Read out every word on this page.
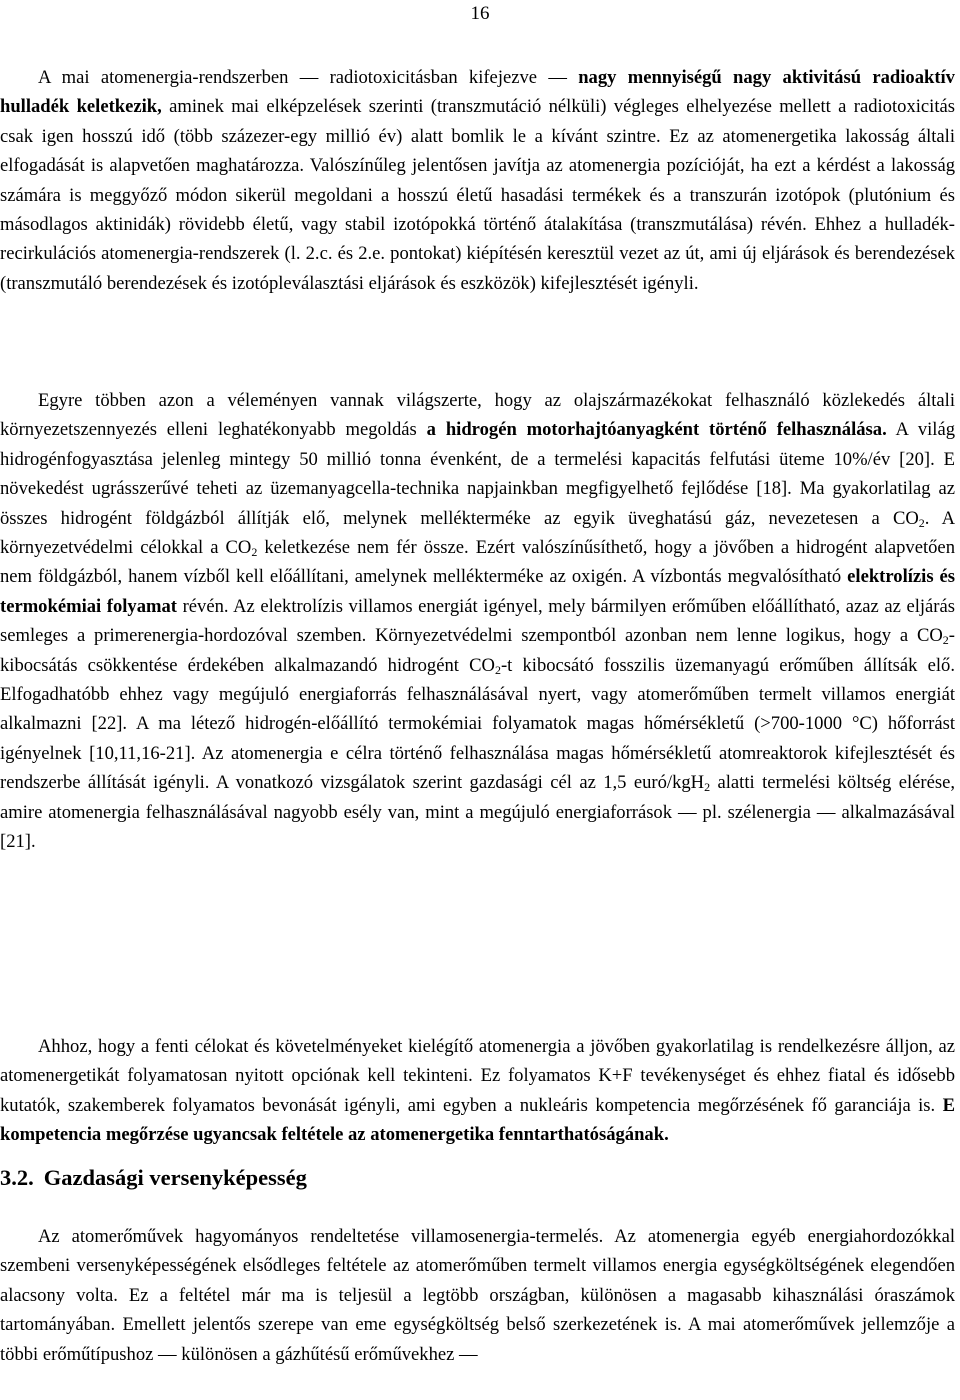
16

A mai atomenergia-rendszerben — radiotoxicitásban kifejezve — nagy mennyiségű nagy aktivitású radioaktív hulladék keletkezik, aminek mai elképzelések szerinti (transzmutáció nélküli) végleges elhelyezése mellett a radiotoxicitás csak igen hosszú idő (több százezer-egy millió év) alatt bomlik le a kívánt szintre. Ez az atomenergetika lakosság általi elfogadását is alapvetően maghatározza. Valószínűleg jelentősen javítja az atomenergia pozícióját, ha ezt a kérdést a lakosság számára is meggyőző módon sikerül megoldani a hosszú életű hasadási termékek és a transzurán izotópok (plutónium és másodlagos aktinidák) rövidebb életű, vagy stabil izotópokká történő átalakítása (transzmutálása) révén. Ehhez a hulladék-recirkulációs atomenergia-rendszerek (l. 2.c. és 2.e. pontokat) kiépítésén keresztül vezet az út, ami új eljárások és berendezések (transzmutáló berendezések és izotópleválasztási eljárások és eszközök) kifejlesztését igényli.

Egyre többen azon a véleményen vannak világszerte, hogy az olajszármazékokat felhasználó közlekedés általi környezetszennyezés elleni leghatékonyabb megoldás a hidrogén motorhajtóanyagként történő felhasználása. A világ hidrogénfogyasztása jelenleg mintegy 50 millió tonna évenként, de a termelési kapacitás felfutási üteme 10%/év [20]. E növekedést ugrásszerűvé teheti az üzemanyagcella-technika napjainkban megfigyelhető fejlődése [18]. Ma gyakorlatilag az összes hidrogént földgázból állítják elő, melynek mellékterméke az egyik üveghatású gáz, nevezetesen a $CO_2$. A környezetvédelmi célokkal a $CO_2$ keletkezése nem fér össze. Ezért valószínűsíthető, hogy a jövőben a hidrogént alapvetően nem földgázból, hanem vízből kell előállítani, amelynek mellékterméke az oxigén. A vízbontás megvalósítható elektrolízis és termokémiai folyamat révén. Az elektrolízis villamos energiát igényel, mely bármilyen erőműben előállítható, azaz az eljárás semleges a primerenergia-hordozóval szemben. Környezetvédelmi szempontból azonban nem lenne logikus, hogy a $CO_2$-kibocsátás csökkentése érdekében alkalmazandó hidrogént $CO_2-t$ kibocsátó fosszilis üzemanyagú erőműben állítsák elő. Elfogadhatóbb ehhez vagy megújuló energiaforrás felhasználásával nyert, vagy atomerőműben termelt villamos energiát alkalmazni [22]. A ma létező hidrogén-előállító termokémiai folyamatok magas hőmérsékletű (>700-1000 °C) hőforrást igényelnek [10,11,16-21]. Az atomenergia e célra történő felhasználása magas hőmérsékletű atomreaktorok kifejlesztését és rendszerbe állítását igényli. A vonatkozó vizsgálatok szerint gazdasági cél az 1,5 euró/kgH$_2$ alatti termelési költség elérése, amire atomenergia felhasználásával nagyobb esély van, mint a megújuló energiaforrások — pl. szélenergia — alkalmazásával [21].

Ahhoz, hogy a fenti célokat és követelményeket kielégítő atomenergia a jövőben gyakorlatilag is rendelkezésre álljon, az atomenergetikát folyamatosan nyitott opciónak kell tekinteni. Ez folyamatos K+F tevékenységet és ehhez fiatal és idősebb kutatók, szakemberek folyamatos bevonását igényli, ami egyben a nukleáris kompetencia megőrzésének fő garanciája is. E kompetencia megőrzése ugyancsak feltétele az atomenergetika fenntarthatóságának.

3.2. Gazdasági versenyképesség

Az atomerőművek hagyományos rendeltetése villamosenergia-termelés. Az atomenergia egyéb energiahordozókkal szembeni versenyképességének elsődleges feltétele az atomerőműben termelt villamos energia egységköltségének elegendően alacsony volta. Ez a feltétel már ma is teljesül a legtöbb országban, különösen a magasabb kihasználási óraszámok tartományában. Emellett jelentős szerepe van eme egységköltség belső szerkezetének is. A mai atomerőművek jellemzője a többi erőműtípushoz — különösen a gázhűtésű erőművekhez —
